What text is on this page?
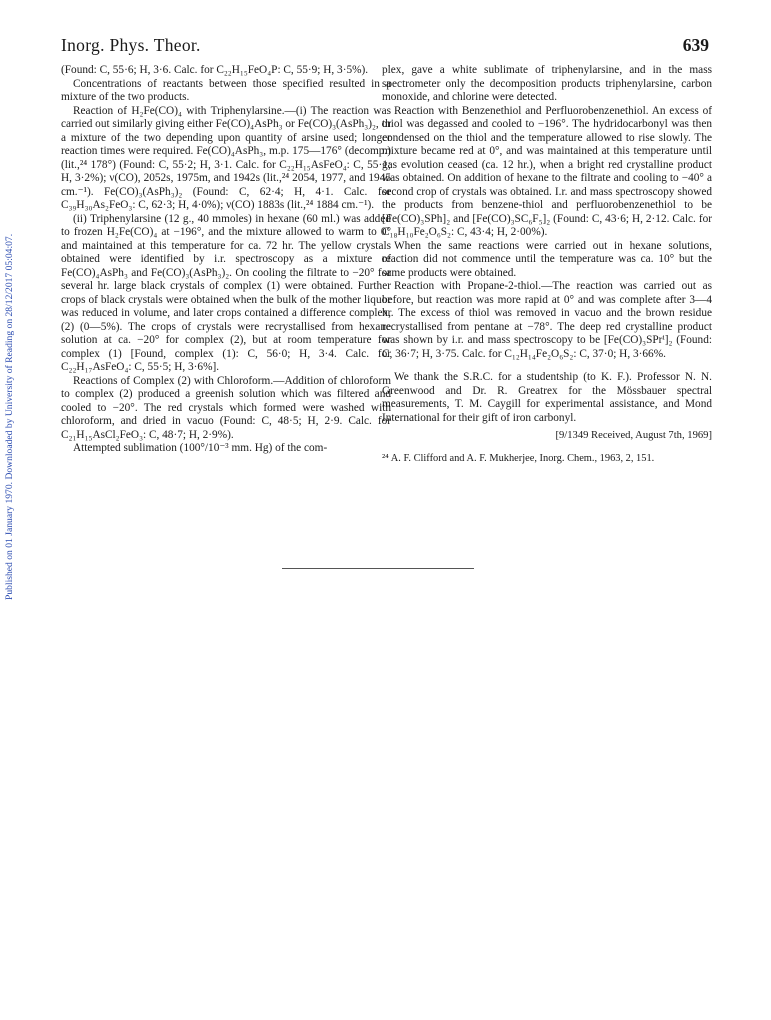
Inorg. Phys. Theor.	639
Published on 01 January 1970. Downloaded by University of Reading on 28/12/2017 05:04:07.

(Found: C, 55·6; H, 3·6. Calc. for C₂₂H₁₅FeO₄P: C, 55·9; H, 3·5%).

Concentrations of reactants between those specified resulted in a mixture of the two products.

Reaction of H₂Fe(CO)₄ with Triphenylarsine.—(i) The reaction was carried out similarly giving either Fe(CO)₄AsPh₃ or Fe(CO)₃(AsPh₃)₂, or a mixture of the two depending upon quantity of arsine used; longer reaction times were required. Fe(CO)₄AsPh₃, m.p. 175—176° (decomp.) (lit.,²⁴ 178°) (Found: C, 55·2; H, 3·1. Calc. for C₂₂H₁₅AsFeO₄: C, 55·1; H, 3·2%); ν(CO), 2052s, 1975m, and 1942s (lit.,²⁴ 2054, 1977, and 1945 cm.⁻¹). Fe(CO)₃(AsPh₃)₂ (Found: C, 62·4; H, 4·1. Calc. for C₃₉H₃₀As₂FeO₃: C, 62·3; H, 4·0%); ν(CO) 1883s (lit.,²⁴ 1884 cm.⁻¹).

(ii) Triphenylarsine (12 g., 40 mmoles) in hexane (60 ml.) was added to frozen H₂Fe(CO)₄ at −196°, and the mixture allowed to warm to 0° and maintained at this temperature for ca. 72 hr. The yellow crystals obtained were identified by i.r. spectroscopy as a mixture of Fe(CO)₄AsPh₃ and Fe(CO)₃(AsPh₃)₂. On cooling the filtrate to −20° for several hr. large black crystals of complex (1) were obtained. Further crops of black crystals were obtained when the bulk of the mother liquor was reduced in volume, and later crops contained a difference complex, (2) (0—5%). The crops of crystals were recrystallised from hexane solution at ca. −20° for complex (2), but at room temperature for complex (1) [Found, complex (1): C, 56·0; H, 3·4. Calc. for C₂₂H₁₇AsFeO₄: C, 55·5; H, 3·6%].

Reactions of Complex (2) with Chloroform.—Addition of chloroform to complex (2) produced a greenish solution which was filtered and cooled to −20°. The red crystals which formed were washed with chloroform, and dried in vacuo (Found: C, 48·5; H, 2·9. Calc. for C₂₁H₁₅AsCl₂FeO₃: C, 48·7; H, 2·9%).

Attempted sublimation (100°/10⁻³ mm. Hg) of the com-

plex, gave a white sublimate of triphenylarsine, and in the mass spectrometer only the decomposition products triphenylarsine, carbon monoxide, and chlorine were detected.

Reaction with Benzenethiol and Perfluorobenzenethiol. An excess of thiol was degassed and cooled to −196°. The hydridocarbonyl was then condensed on the thiol and the temperature allowed to rise slowly. The mixture became red at 0°, and was maintained at this temperature until gas evolution ceased (ca. 12 hr.), when a bright red crystalline product was obtained. On addition of hexane to the filtrate and cooling to −40° a second crop of crystals was obtained. I.r. and mass spectroscopy showed the products from benzene-thiol and perfluorobenzenethiol to be [Fe(CO)₃SPh]₂ and [Fe(CO)₃SC₆F₅]₂ (Found: C, 43·6; H, 2·12. Calc. for C₁₈H₁₀Fe₂O₆S₂: C, 43·4; H, 2·00%).

When the same reactions were carried out in hexane solutions, reaction did not commence until the temperature was ca. 10° but the same products were obtained.

Reaction with Propane-2-thiol.—The reaction was carried out as before, but reaction was more rapid at 0° and was complete after 3—4 hr. The excess of thiol was removed in vacuo and the brown residue recrystallised from pentane at −78°. The deep red crystalline product was shown by i.r. and mass spectroscopy to be [Fe(CO)₃SPrⁱ]₂ (Found: C, 36·7; H, 3·75. Calc. for C₁₂H₁₄Fe₂O₆S₂: C, 37·0; H, 3·66%.

We thank the S.R.C. for a studentship (to K. F.). Professor N. N. Greenwood and Dr. R. Greatrex for the Mössbauer spectral measurements, T. M. Caygill for experimental assistance, and Mond International for their gift of iron carbonyl.

[9/1349 Received, August 7th, 1969]
²⁴ A. F. Clifford and A. F. Mukherjee, Inorg. Chem., 1963, 2, 151.
